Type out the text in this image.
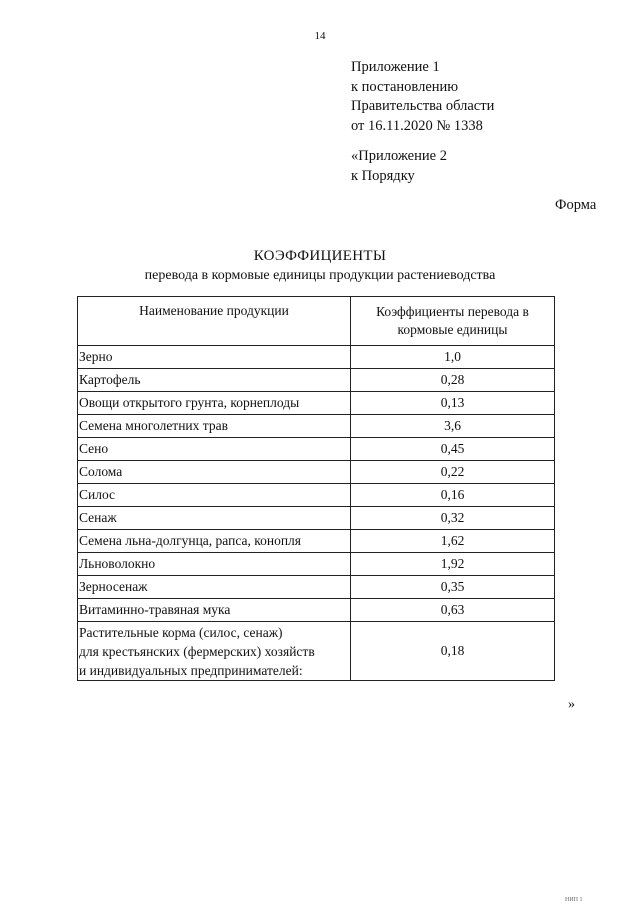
14
Приложение 1
к постановлению
Правительства области
от 16.11.2020 № 1338
«Приложение 2
к Порядку
Форма
КОЭФФИЦИЕНТЫ
перевода в кормовые единицы продукции растениеводства
Наименование продукции	Коэффициенты перевода в
кормовые единицы

Зерно	1,0
Картофель	0,28
Овощи открытого грунта, корнеплоды	0,13
Семена многолетних трав	3,6
Сено	0,45
Солома	0,22
Силос	0,16
Сенаж	0,32
Семена льна-долгунца, рапса, конопля	1,62
Льноволокно	1,92
Зерносенаж	0,35
Витаминно-травяная мука	0,63

Растительные корма (силос, сенаж)
для крестьянских (фермерских) хозяйств
и индивидуальных предпринимателей:	0,18
»
НИП 1
